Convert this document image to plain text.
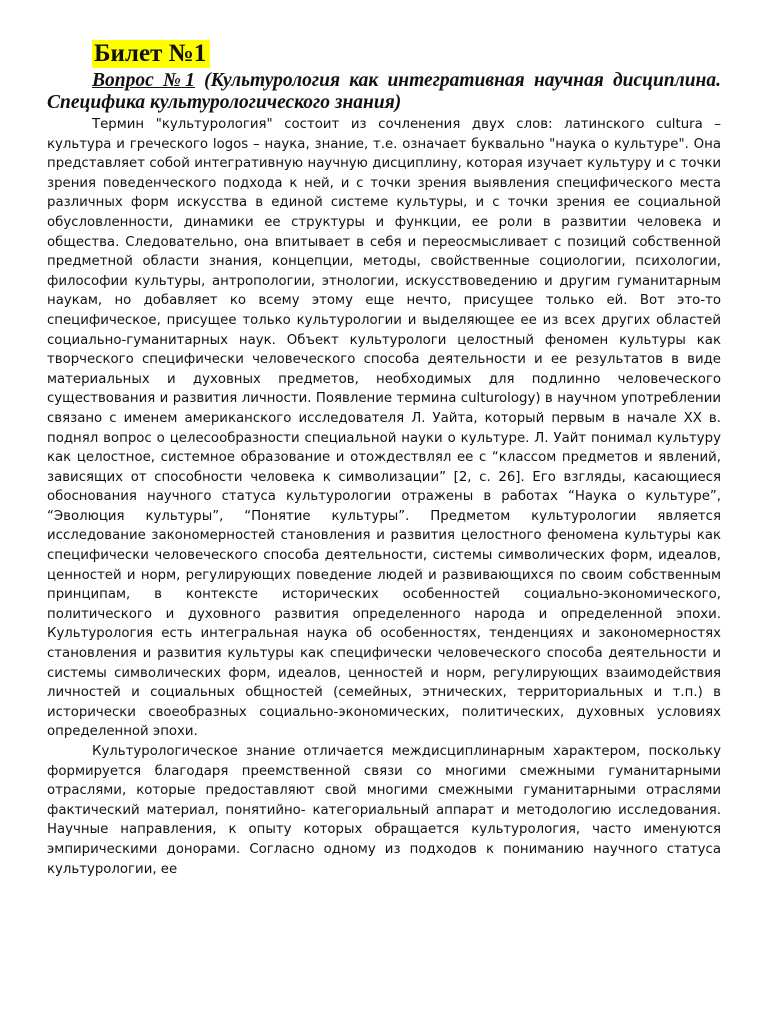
Билет №1

Вопрос №1 (Культурология как интегративная научная дисциплина. Специфика культурологического знания)

Термин "культурология" состоит из сочленения двух слов: латинского cultura – культура и греческого logos – наука, знание, т.е. означает буквально "наука о культуре". Она представляет собой интегративную научную дисциплину, которая изучает культуру и с точки зрения поведенческого подхода к ней, и с точки зрения выявления специфического места различных форм искусства в единой системе культуры, и с точки зрения ее социальной обусловленности, динамики ее структуры и функции, ее роли в развитии человека и общества. Следовательно, она впитывает в себя и переосмысливает с позиций собственной предметной области знания, концепции, методы, свойственные социологии, психологии, философии культуры, антропологии, этнологии, искусствоведению и другим гуманитарным наукам, но добавляет ко всему этому еще нечто, присущее только ей. Вот это-то специфическое, присущее только культурологии и выделяющее ее из всех других областей социально-гуманитарных наук. Объект культурологи целостный феномен культуры как творческого специфически человеческого способа деятельности и ее результатов в виде материальных и духовных предметов, необходимых для подлинно человеческого существования и развития личности. Появление термина culturology) в научном употреблении связано с именем американского исследователя Л. Уайта, который первым в начале XX в. поднял вопрос о целесообразности специальной науки о культуре. Л. Уайт понимал культуру как целостное, системное образование и отождествлял ее с “классом предметов и явлений, зависящих от способности человека к символизации” [2, с. 26]. Его взгляды, касающиеся обоснования научного статуса культурологии отражены в работах “Наука о культуре”, “Эволюция культуры”, “Понятие культуры”. Предметом культурологии является исследование закономерностей становления и развития целостного феномена культуры как специфически человеческого способа деятельности, системы символических форм, идеалов, ценностей и норм, регулирующих поведение людей и развивающихся по своим собственным принципам, в контексте исторических особенностей социально-экономического, политического и духовного развития определенного народа и определенной эпохи. Культурология есть интегральная наука об особенностях, тенденциях и закономерностях становления и развития культуры как специфически человеческого способа деятельности и системы символических форм, идеалов, ценностей и норм, регулирующих взаимодействия личностей и социальных общностей (семейных, этнических, территориальных и т.п.) в исторически своеобразных социально-экономических, политических, духовных условиях определенной эпохи.

Культурологическое знание отличается междисциплинарным характером, поскольку формируется благодаря преемственной связи со многими смежными гуманитарными отраслями, которые предоставляют свой многими смежными гуманитарными отраслями фактический материал, понятийно- категориальный аппарат и методологию исследования. Научные направления, к опыту которых обращается культурология, часто именуются эмпирическими донорами. Согласно одному из подходов к пониманию научного статуса культурологии, ее
